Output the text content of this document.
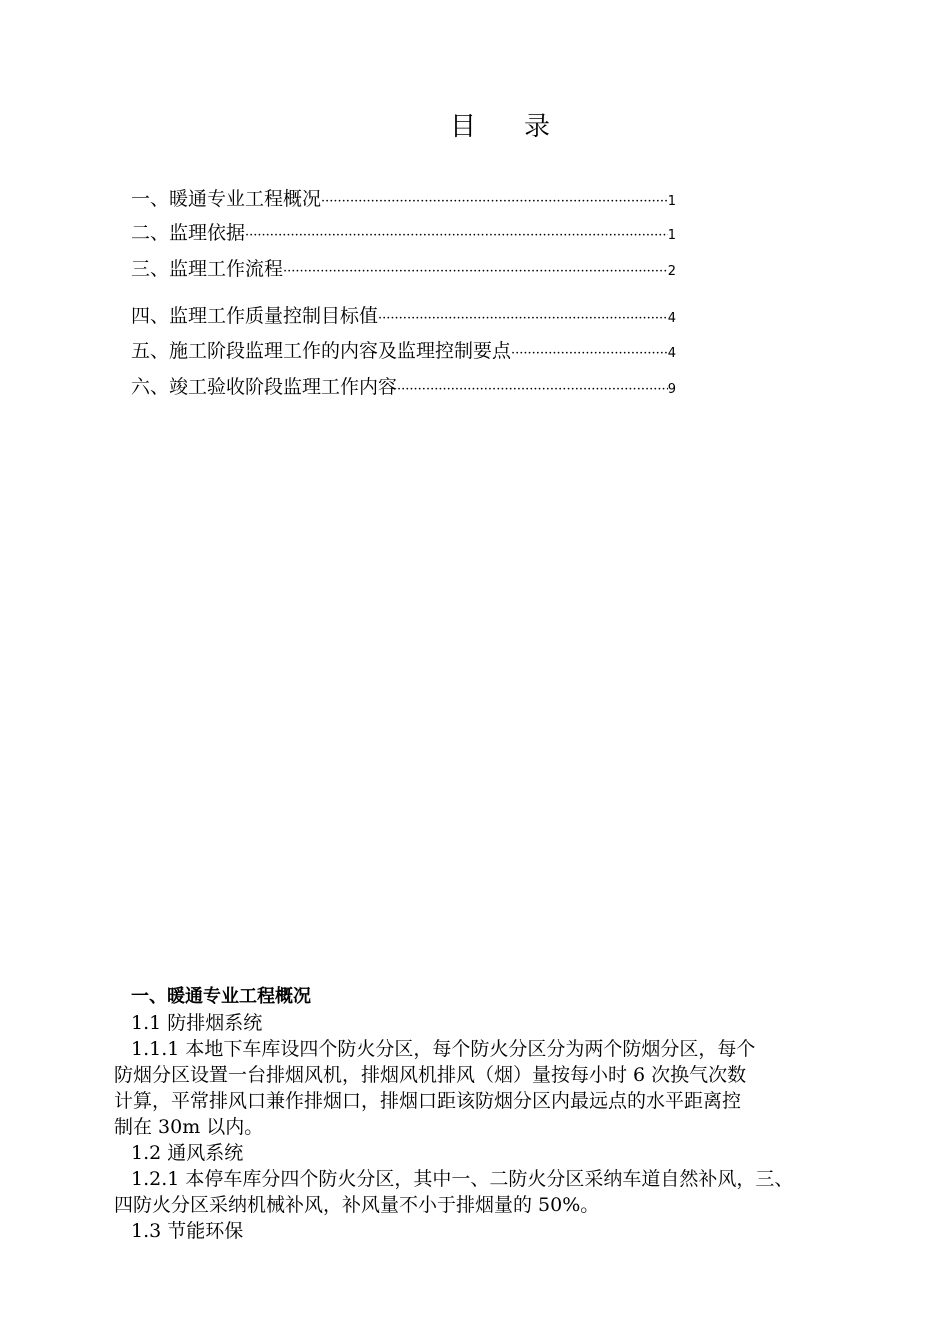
目 录
一、暖通专业工程概况 ·····	1
二、监理依据 ·····	1
三、监理工作流程 ·····	2
四、监理工作质量控制目标值 ·····	4
五、施工阶段监理工作的内容及监理控制要点 ·····	4
六、竣工验收阶段监理工作内容 ·····	9

一、暖通专业工程概况

1.1 防排烟系统

1.1.1 本地下车库设四个防火分区，每个防火分区分为两个防烟分区，每个

防烟分区设置一台排烟风机，排烟风机排风（烟）量按每小时 6 次换气次数

计算，平常排风口兼作排烟口，排烟口距该防烟分区内最远点的水平距离控

制在 30m 以内。

1.2 通风系统

1.2.1 本停车库分四个防火分区，其中一、二防火分区采纳车道自然补风，三、

四防火分区采纳机械补风，补风量不小于排烟量的 50%。

1.3 节能环保
